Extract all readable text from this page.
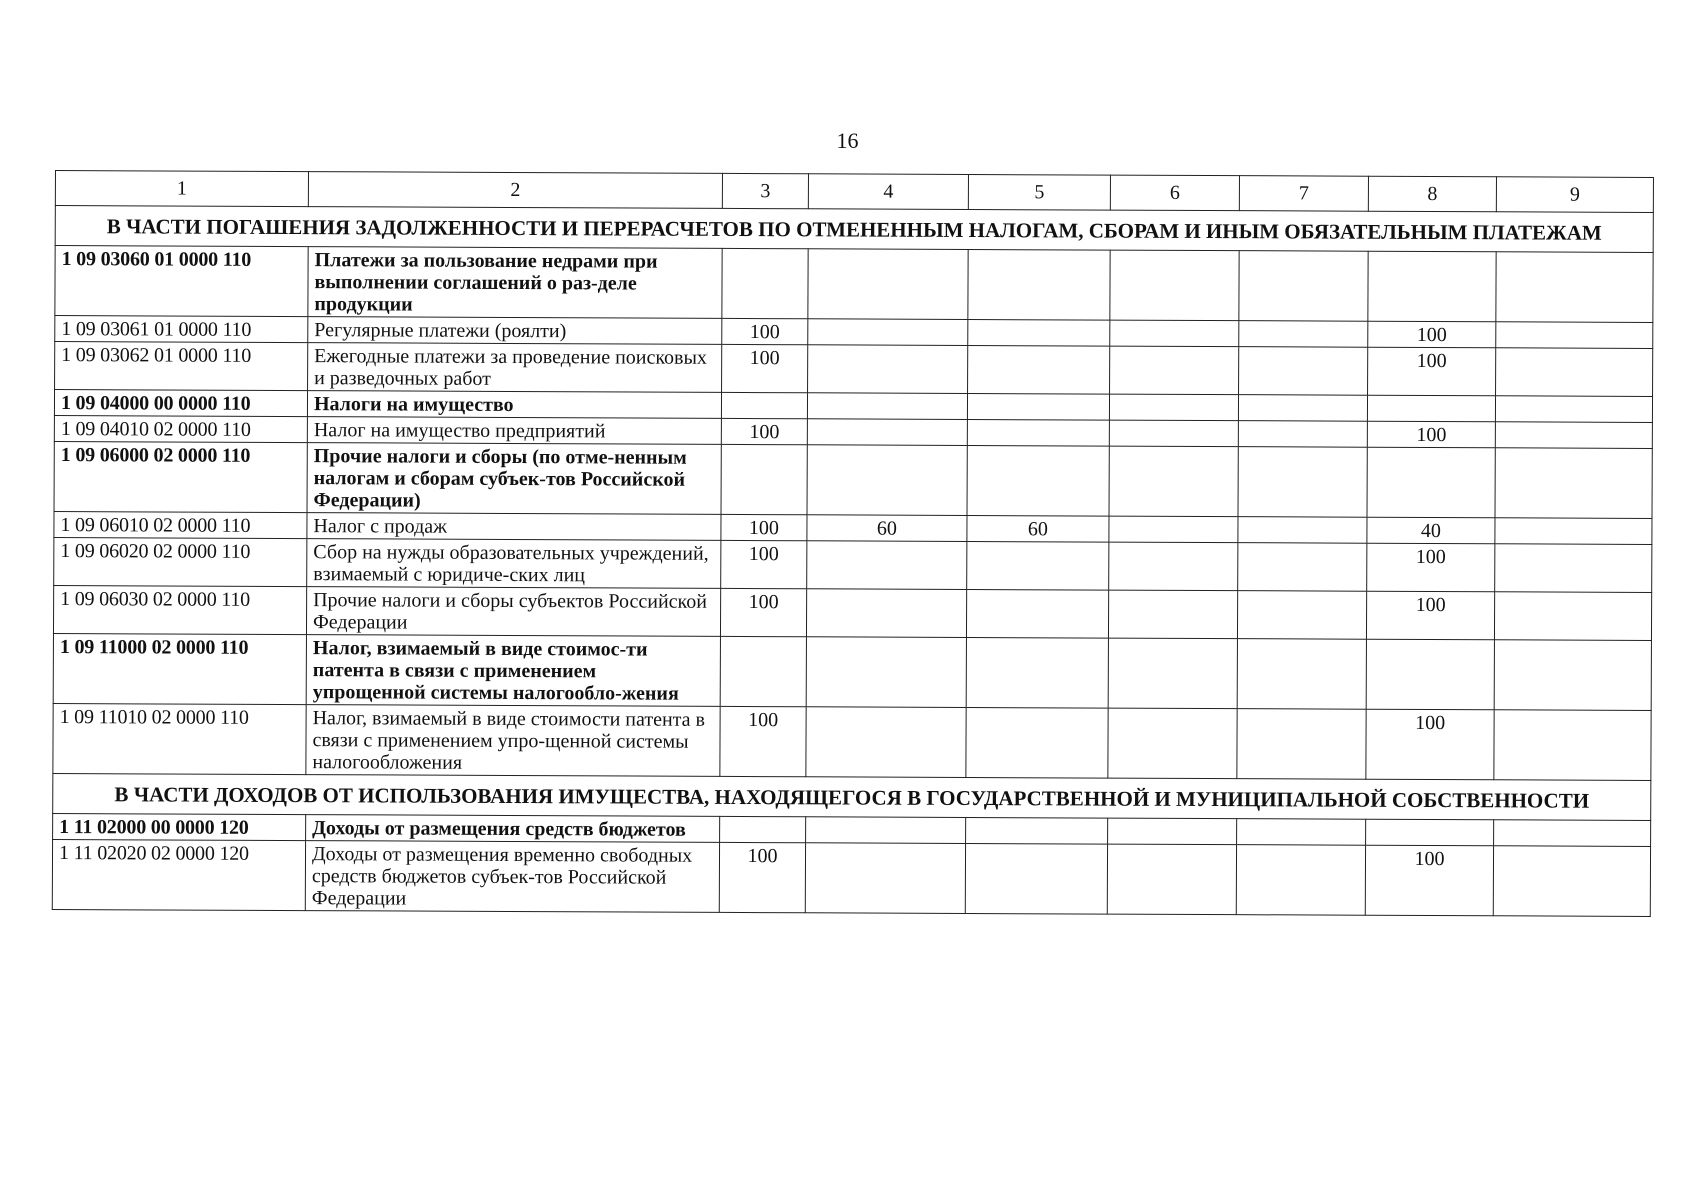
16
1	2	3	4	5	6	7	8	9
В ЧАСТИ ПОГАШЕНИЯ ЗАДОЛЖЕННОСТИ И ПЕРЕРАСЧЕТОВ ПО ОТМЕНЕННЫМ НАЛОГАМ, СБОРАМ И ИНЫМ ОБЯЗАТЕЛЬНЫМ ПЛАТЕЖАМ								
1 09 03060 01 0000 110	Платежи за пользование недрами при выполнении соглашений о раз-деле продукции							
1 09 03061 01 0000 110	Регулярные платежи (роялти)	100					100	
1 09 03062 01 0000 110	Ежегодные платежи за проведение поисковых и разведочных работ	100					100	
1 09 04000 00 0000 110	Налоги на имущество							
1 09 04010 02 0000 110	Налог на имущество предприятий	100					100	
1 09 06000 02 0000 110	Прочие налоги и сборы (по отме-ненным налогам и сборам субъек-тов Российской Федерации)							
1 09 06010 02 0000 110	Налог с продаж	100	60	60			40	
1 09 06020 02 0000 110	Сбор на нужды образовательных учреждений, взимаемый с юридиче-ских лиц	100					100	
1 09 06030 02 0000 110	Прочие налоги и сборы субъектов Российской Федерации	100					100	
1 09 11000 02 0000 110	Налог, взимаемый в виде стоимос-ти патента в связи с применением упрощенной системы налогообло-жения							
1 09 11010 02 0000 110	Налог, взимаемый в виде стоимости патента в связи с применением упро-щенной системы налогообложения	100					100	
В ЧАСТИ ДОХОДОВ ОТ ИСПОЛЬЗОВАНИЯ ИМУЩЕСТВА, НАХОДЯЩЕГОСЯ В ГОСУДАРСТВЕННОЙ И МУНИЦИПАЛЬНОЙ СОБСТВЕННОСТИ								
1 11 02000 00 0000 120	Доходы от размещения средств бюджетов							
1 11 02020 02 0000 120	Доходы от размещения временно свободных средств бюджетов субъек-тов Российской Федерации	100					100	
